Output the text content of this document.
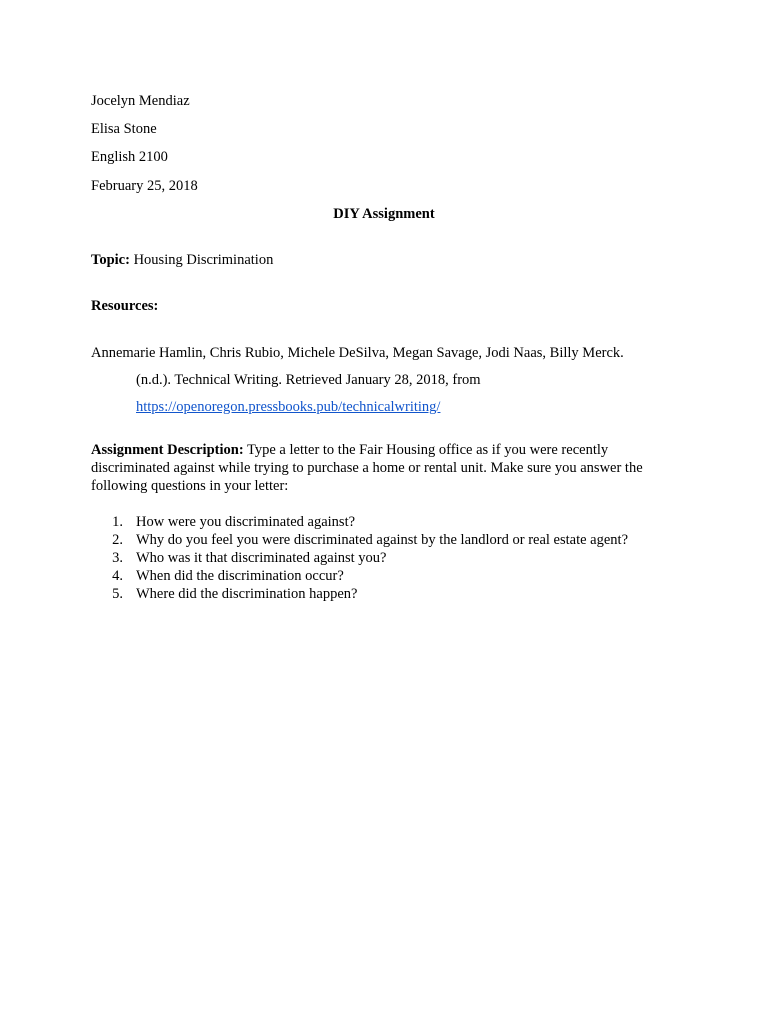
Jocelyn Mendiaz
Elisa Stone
English 2100
February 25, 2018
DIY Assignment
Topic: Housing Discrimination
Resources:
Annemarie Hamlin, Chris Rubio, Michele DeSilva, Megan Savage, Jodi Naas, Billy Merck.
(n.d.). Technical Writing. Retrieved January 28, 2018, from
https://openoregon.pressbooks.pub/technicalwriting/
Assignment Description: Type a letter to the Fair Housing office as if you were recently discriminated against while trying to purchase a home or rental unit. Make sure you answer the following questions in your letter:
1. How were you discriminated against?
2. Why do you feel you were discriminated against by the landlord or real estate agent?
3. Who was it that discriminated against you?
4. When did the discrimination occur?
5. Where did the discrimination happen?
